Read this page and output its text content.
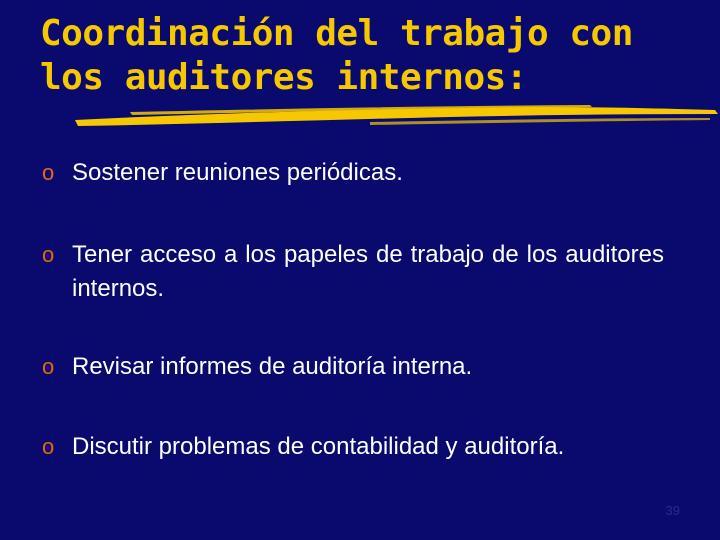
Coordinación del trabajo con
los auditores internos:
o Sostener reuniones periódicas.
o Tener acceso a los papeles de trabajo de los auditores internos.
o Revisar informes de auditoría interna.
o Discutir problemas de contabilidad y auditoría.
39
